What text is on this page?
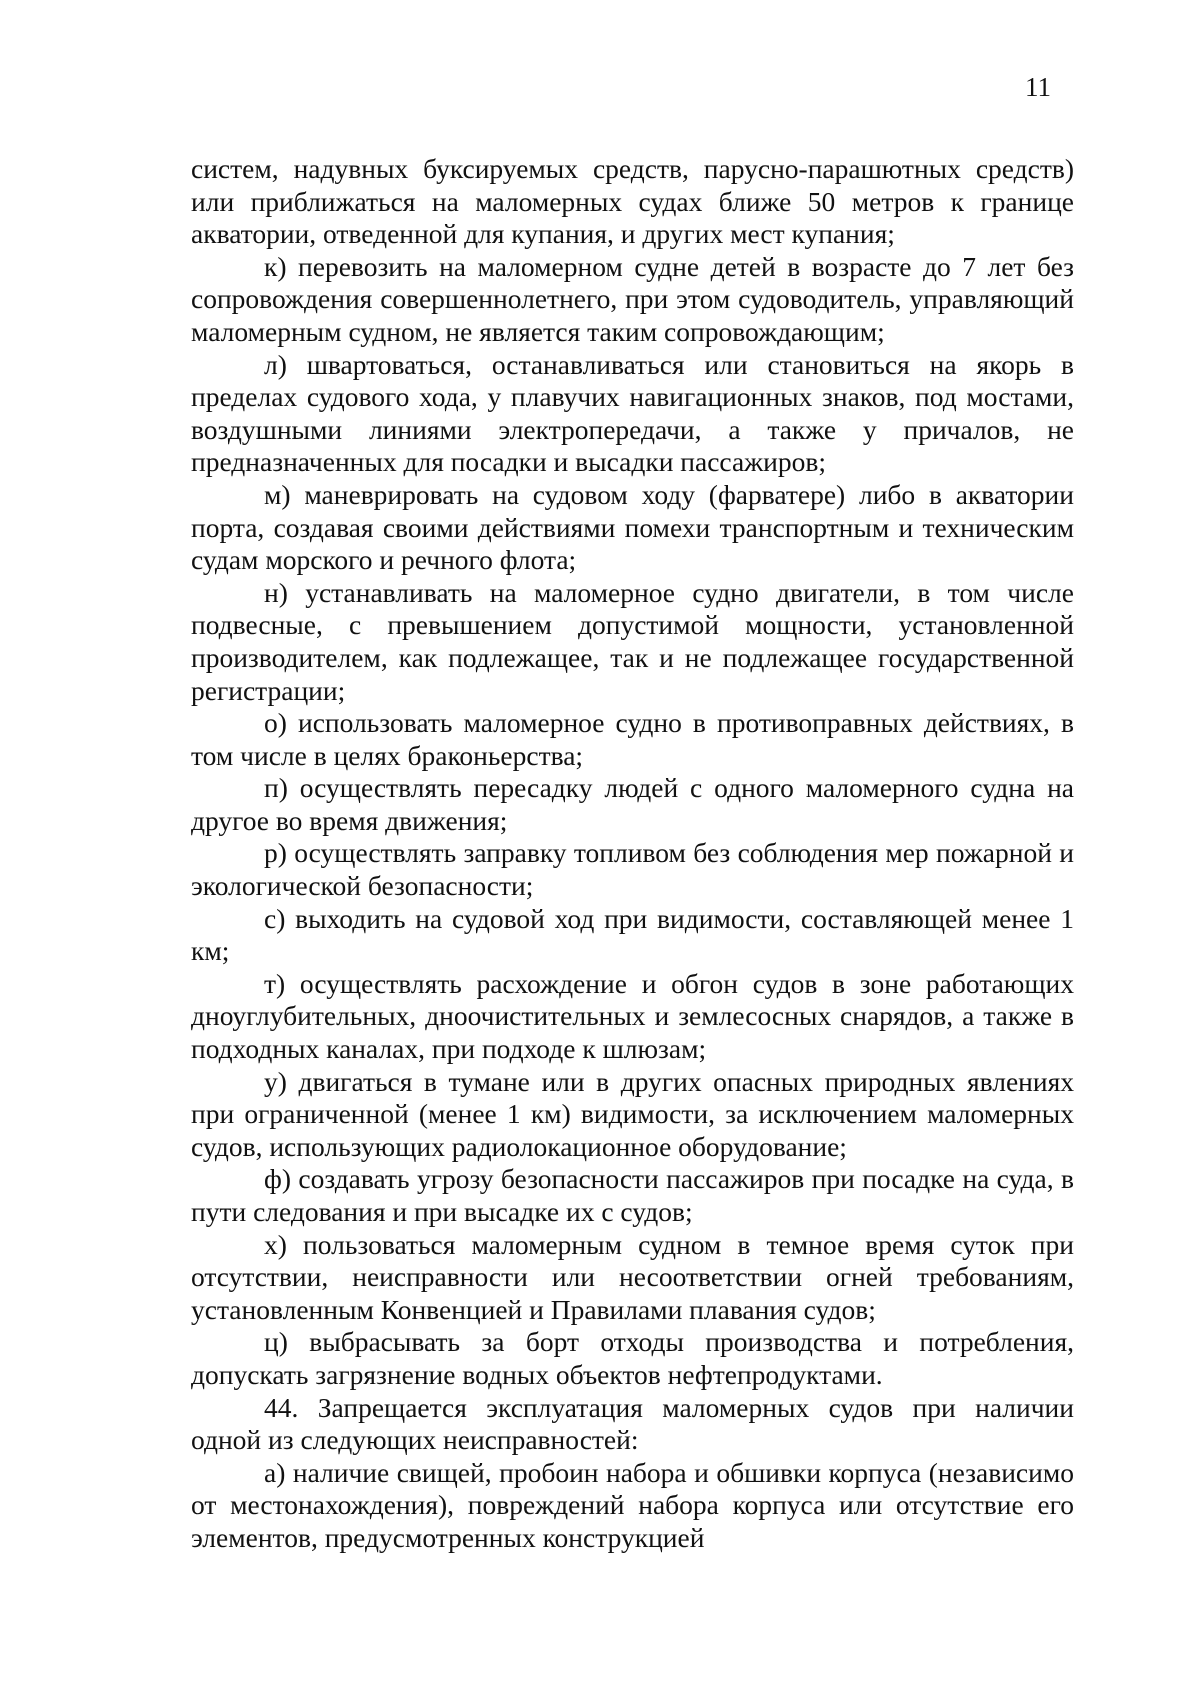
11

систем, надувных буксируемых средств, парусно-парашютных средств) или приближаться на маломерных судах ближе 50 метров к границе акватории, отведенной для купания, и других мест купания;

к) перевозить на маломерном судне детей в возрасте до 7 лет без сопровождения совершеннолетнего, при этом судоводитель, управляющий маломерным судном, не является таким сопровождающим;

л) швартоваться, останавливаться или становиться на якорь в пределах судового хода, у плавучих навигационных знаков, под мостами, воздушными линиями электропередачи, а также у причалов, не предназначенных для посадки и высадки пассажиров;

м) маневрировать на судовом ходу (фарватере) либо в акватории порта, создавая своими действиями помехи транспортным и техническим судам морского и речного флота;

н) устанавливать на маломерное судно двигатели, в том числе подвесные, с превышением допустимой мощности, установленной производителем, как подлежащее, так и не подлежащее государственной регистрации;

о) использовать маломерное судно в противоправных действиях, в том числе в целях браконьерства;

п) осуществлять пересадку людей с одного маломерного судна на другое во время движения;

р) осуществлять заправку топливом без соблюдения мер пожарной и экологической безопасности;

с) выходить на судовой ход при видимости, составляющей менее 1 км;

т) осуществлять расхождение и обгон судов в зоне работающих дноуглубительных, дноочистительных и землесосных снарядов, а также в подходных каналах, при подходе к шлюзам;

у) двигаться в тумане или в других опасных природных явлениях при ограниченной (менее 1 км) видимости, за исключением маломерных судов, использующих радиолокационное оборудование;

ф) создавать угрозу безопасности пассажиров при посадке на суда, в пути следования и при высадке их с судов;

х) пользоваться маломерным судном в темное время суток при отсутствии, неисправности или несоответствии огней требованиям, установленным Конвенцией и Правилами плавания судов;

ц) выбрасывать за борт отходы производства и потребления, допускать загрязнение водных объектов нефтепродуктами.

44. Запрещается эксплуатация маломерных судов при наличии одной из следующих неисправностей:

а) наличие свищей, пробоин набора и обшивки корпуса (независимо от местонахождения), повреждений набора корпуса или отсутствие его элементов, предусмотренных конструкцией
